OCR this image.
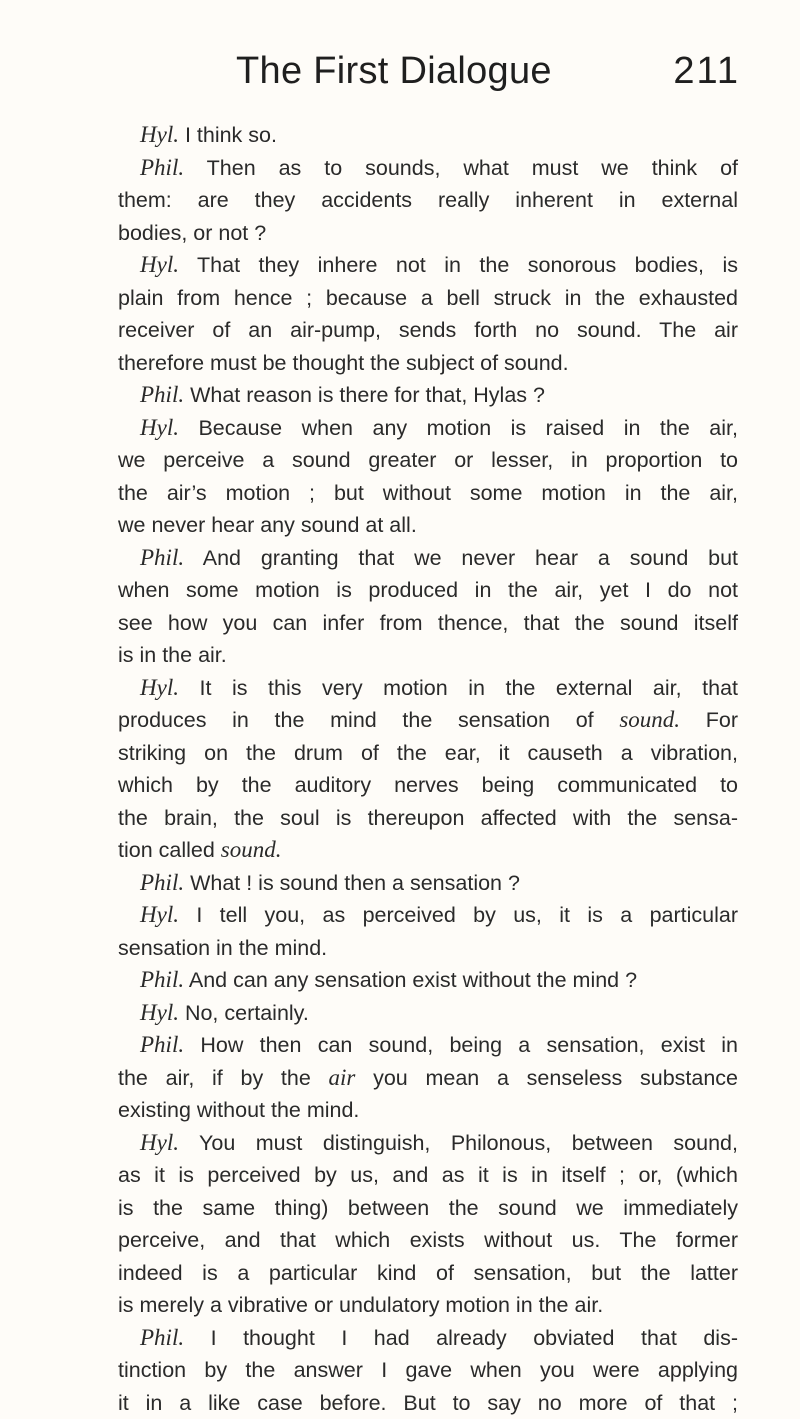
The First Dialogue	211
Hyl. I think so.
Phil. Then as to sounds, what must we think of
them: are they accidents really inherent in external
bodies, or not ?
Hyl. That they inhere not in the sonorous bodies, is
plain from hence ; because a bell struck in the exhausted
receiver of an air-pump, sends forth no sound. The air
therefore must be thought the subject of sound.
Phil. What reason is there for that, Hylas ?
Hyl. Because when any motion is raised in the air,
we perceive a sound greater or lesser, in proportion to
the air’s motion ; but without some motion in the air,
we never hear any sound at all.
Phil. And granting that we never hear a sound but
when some motion is produced in the air, yet I do not
see how you can infer from thence, that the sound itself
is in the air.
Hyl. It is this very motion in the external air, that
produces in the mind the sensation of sound. For
striking on the drum of the ear, it causeth a vibration,
which by the auditory nerves being communicated to
the brain, the soul is thereupon affected with the sensa-
tion called sound.
Phil. What ! is sound then a sensation ?
Hyl. I tell you, as perceived by us, it is a particular
sensation in the mind.
Phil. And can any sensation exist without the mind ?
Hyl. No, certainly.
Phil. How then can sound, being a sensation, exist in
the air, if by the air you mean a senseless substance
existing without the mind.
Hyl. You must distinguish, Philonous, between sound,
as it is perceived by us, and as it is in itself ; or, (which
is the same thing) between the sound we immediately
perceive, and that which exists without us. The former
indeed is a particular kind of sensation, but the latter
is merely a vibrative or undulatory motion in the air.
Phil. I thought I had already obviated that dis-
tinction by the answer I gave when you were applying
it in a like case before. But to say no more of that ;
